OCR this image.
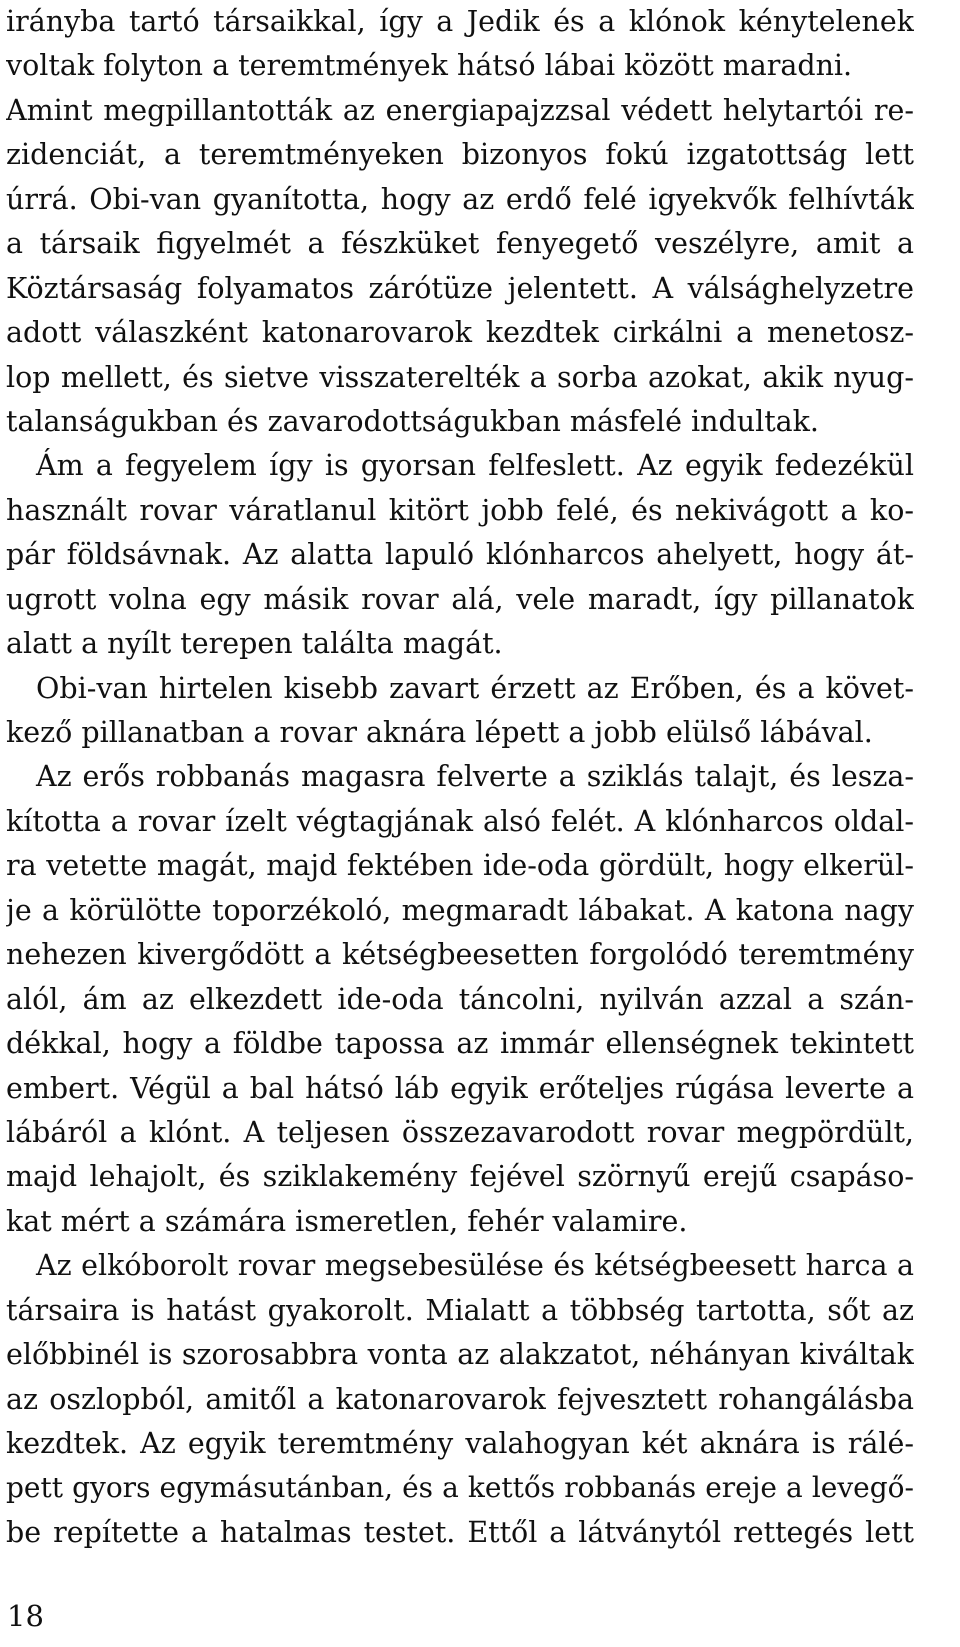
irányba tartó társaikkal, így a Jedik és a klónok kénytelenek
voltak folyton a teremtmények hátsó lábai között maradni.
Amint megpillantották az energiapajzzsal védett helytartói re-
zidenciát, a teremtményeken bizonyos fokú izgatottság lett
úrrá. Obi-van gyanította, hogy az erdő felé igyekvők felhívták
a társaik figyelmét a fészküket fenyegető veszélyre, amit a
Köztársaság folyamatos zárótüze jelentett. A válsághelyzetre
adott válaszként katonarovarok kezdtek cirkálni a menetosz-
lop mellett, és sietve visszaterelték a sorba azokat, akik nyug-
talanságukban és zavarodottságukban másfelé indultak.
Ám a fegyelem így is gyorsan felfeslett. Az egyik fedezékül
használt rovar váratlanul kitört jobb felé, és nekivágott a ko-
pár földsávnak. Az alatta lapuló klónharcos ahelyett, hogy át-
ugrott volna egy másik rovar alá, vele maradt, így pillanatok
alatt a nyílt terepen találta magát.
Obi-van hirtelen kisebb zavart érzett az Erőben, és a követ-
kező pillanatban a rovar aknára lépett a jobb elülső lábával.
Az erős robbanás magasra felverte a sziklás talajt, és lesza-
kította a rovar ízelt végtagjának alsó felét. A klónharcos oldal-
ra vetette magát, majd fektében ide-oda gördült, hogy elkerül-
je a körülötte toporzékoló, megmaradt lábakat. A katona nagy
nehezen kivergődött a kétségbeesetten forgolódó teremtmény
alól, ám az elkezdett ide-oda táncolni, nyilván azzal a szán-
dékkal, hogy a földbe tapossa az immár ellenségnek tekintett
embert. Végül a bal hátsó láb egyik erőteljes rúgása leverte a
lábáról a klónt. A teljesen összezavarodott rovar megpördült,
majd lehajolt, és sziklakemény fejével szörnyű erejű csapáso-
kat mért a számára ismeretlen, fehér valamire.
Az elkóborolt rovar megsebesülése és kétségbeesett harca a
társaira is hatást gyakorolt. Mialatt a többség tartotta, sőt az
előbbinél is szorosabbra vonta az alakzatot, néhányan kiváltak
az oszlopból, amitől a katonarovarok fejvesztett rohangálásba
kezdtek. Az egyik teremtmény valahogyan két aknára is rálé-
pett gyors egymásutánban, és a kettős robbanás ereje a levegő-
be repítette a hatalmas testet. Ettől a látványtól rettegés lett
18
